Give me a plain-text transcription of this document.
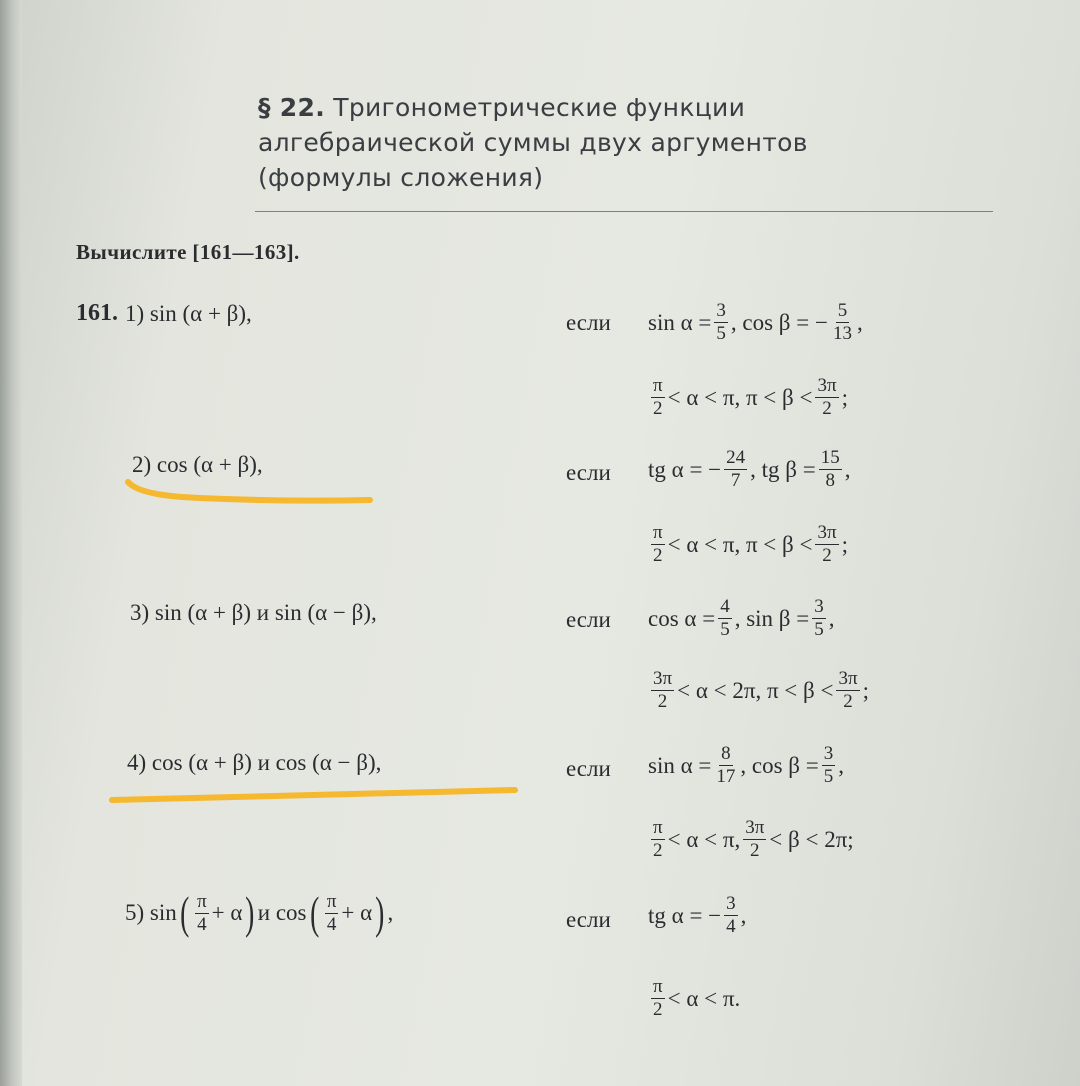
§ 22. Тригонометрические функции
алгебраической суммы двух аргументов
(формулы сложения)
Вычислите [161—163].
161. 1) sin (α + β),	если $\sin \alpha = \frac{3}{5}$ , cos β = − $\frac{5}{13}$ ,
$\frac{\pi}{2} < \alpha < \pi$, $\pi < \beta < \frac{3\pi}{2}$ ;
2) cos (α + β),	если tg α = − $\frac{24}{7}$ , tg $\beta = \frac{15}{8}$ ,
$\frac{\pi}{2} < \alpha < \pi$, $\pi < \beta < \frac{3\pi}{2}$ ;
3) sin (α + β) и sin (α − β),	если $\cos \alpha = \frac{4}{5}$ , $\sin \beta = \frac{3}{5}$ ,
$\frac{3\pi}{2} < \alpha < 2\pi$, $\pi < \beta < \frac{3\pi}{2}$ ;
4) cos (α + β) и cos (α − β),	если $\sin \alpha = \frac{8}{17}$ , $\cos \beta = \frac{3}{5}$ ,
$\frac{\pi}{2} < \alpha < \pi$, $\frac{3\pi}{2} < \beta < 2\pi$;
5) sin ( $\frac{\pi}{4} + \alpha$ ) и cos ( $\frac{\pi}{4} + \alpha$ ) ,	если tg α = − $\frac{3}{4}$ ,
$\frac{\pi}{2} < \alpha < \pi$.
